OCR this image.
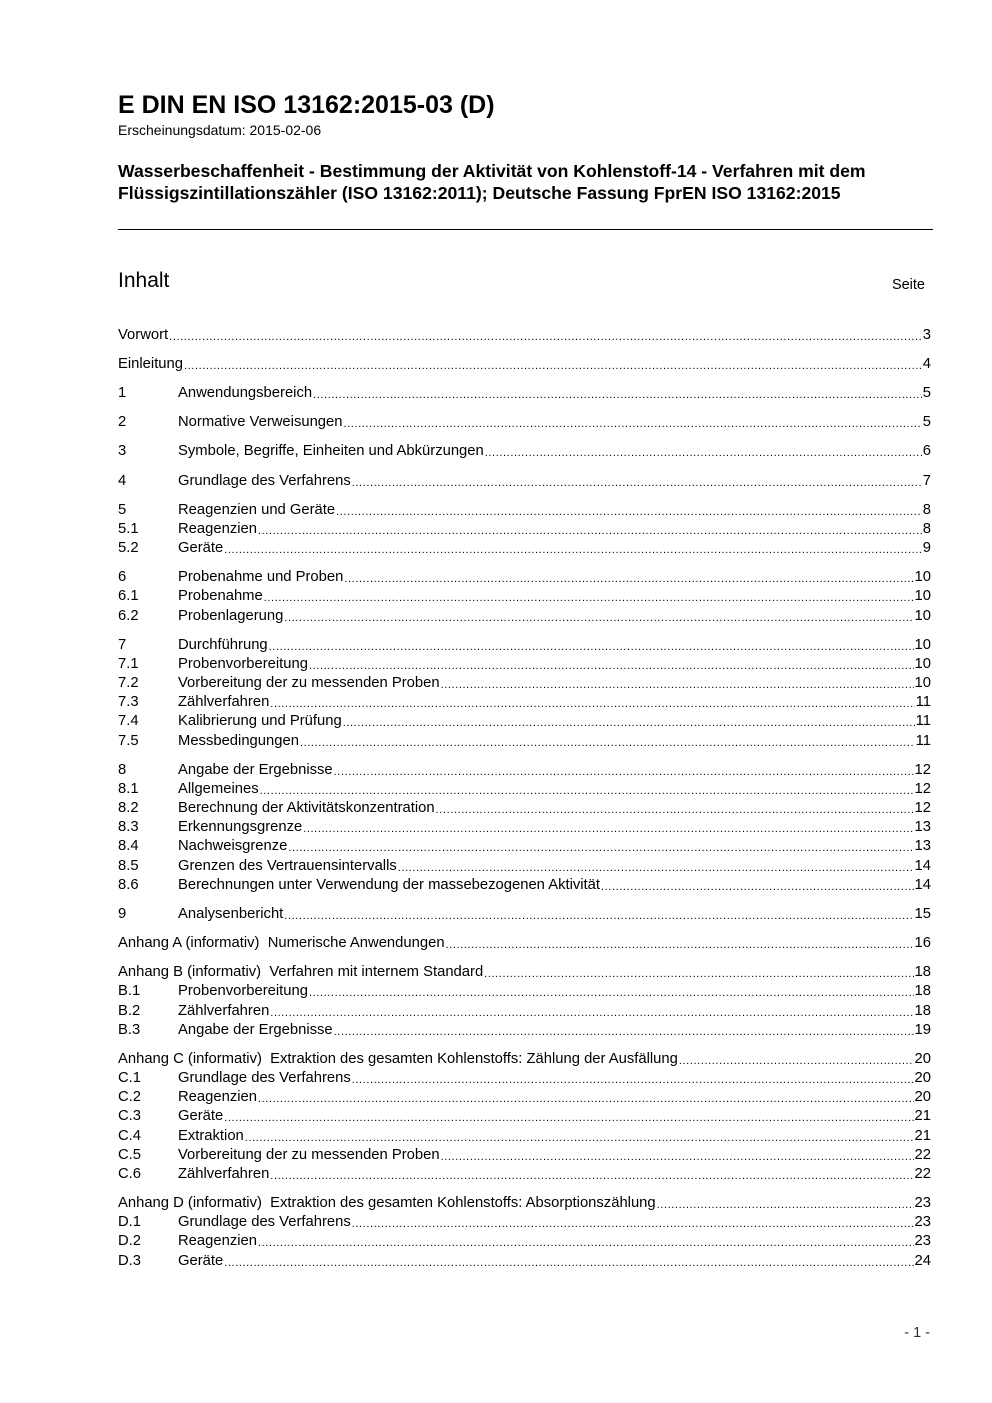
E DIN EN ISO 13162:2015-03 (D)
Erscheinungsdatum: 2015-02-06
Wasserbeschaffenheit - Bestimmung der Aktivität von Kohlenstoff-14 - Verfahren mit dem Flüssigszintillationszähler (ISO 13162:2011); Deutsche Fassung FprEN ISO 13162:2015
Inhalt	Seite
Vorwort .....	3
Einleitung .....	4
1	Anwendungsbereich .....	5
2	Normative Verweisungen .....	5
3	Symbole, Begriffe, Einheiten und Abkürzungen .....	6
4	Grundlage des Verfahrens .....	7
5	Reagenzien und Geräte .....	8
5.1	Reagenzien .....	8
5.2	Geräte .....	9
6	Probenahme und Proben .....	10
6.1	Probenahme .....	10
6.2	Probenlagerung .....	10
7	Durchführung .....	10
7.1	Probenvorbereitung .....	10
7.2	Vorbereitung der zu messenden Proben .....	10
7.3	Zählverfahren .....	11
7.4	Kalibrierung und Prüfung .....	11
7.5	Messbedingungen .....	11
8	Angabe der Ergebnisse .....	12
8.1	Allgemeines .....	12
8.2	Berechnung der Aktivitätskonzentration .....	12
8.3	Erkennungsgrenze .....	13
8.4	Nachweisgrenze .....	13
8.5	Grenzen des Vertrauensintervalls .....	14
8.6	Berechnungen unter Verwendung der massebezogenen Aktivität .....	14
9	Analysenbericht .....	15
Anhang A (informativ)  Numerische Anwendungen .....	16
Anhang B (informativ)  Verfahren mit internem Standard .....	18
B.1	Probenvorbereitung .....	18
B.2	Zählverfahren .....	18
B.3	Angabe der Ergebnisse .....	19
Anhang C (informativ)  Extraktion des gesamten Kohlenstoffs: Zählung der Ausfällung .....	20
C.1	Grundlage des Verfahrens .....	20
C.2	Reagenzien .....	20
C.3	Geräte .....	21
C.4	Extraktion .....	21
C.5	Vorbereitung der zu messenden Proben .....	22
C.6	Zählverfahren .....	22
Anhang D (informativ)  Extraktion des gesamten Kohlenstoffs: Absorptionszählung .....	23
D.1	Grundlage des Verfahrens .....	23
D.2	Reagenzien .....	23
D.3	Geräte .....	24
- 1 -
